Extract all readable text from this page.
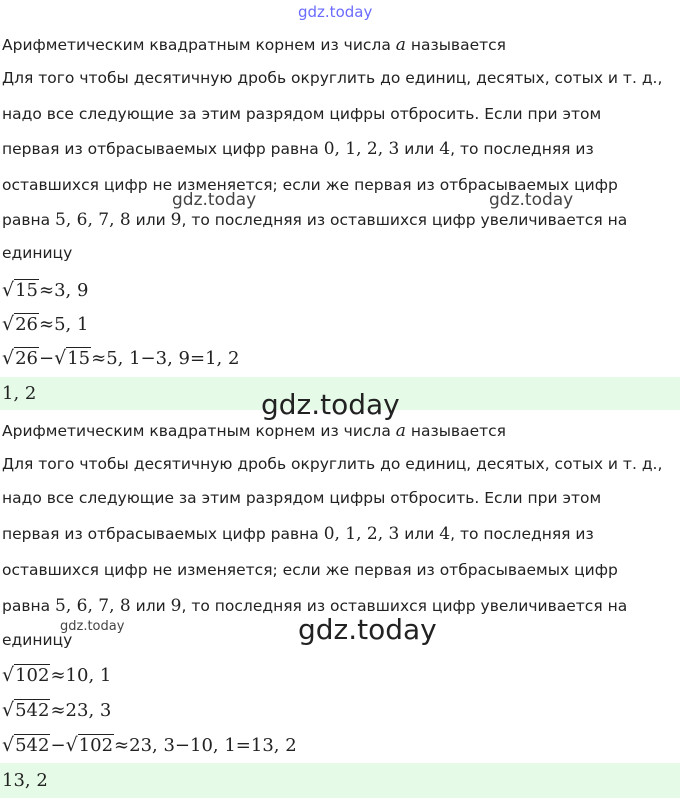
gdz.today
gdz.today	gdz.today
Арифметическим квадратным корнем из числа a называется
Для того чтобы десятичную дробь округлить до единиц, десятых, сотых и т. д.,
надо все следующие за этим разрядом цифры отбросить. Если при этом
первая из отбрасываемых цифр равна 0, 1, 2, 3 или 4, то последняя из
оставшихся цифр не изменяется; если же первая из отбрасываемых цифр
равна 5, 6, 7, 8 или 9, то последняя из оставшихся цифр увеличивается на
единицу
√15≈3, 9
√26≈5, 1
√26−√15≈5, 1−3, 9=1, 2
1, 2	gdz.today
Арифметическим квадратным корнем из числа a называется
Для того чтобы десятичную дробь округлить до единиц, десятых, сотых и т. д.,
надо все следующие за этим разрядом цифры отбросить. Если при этом
первая из отбрасываемых цифр равна 0, 1, 2, 3 или 4, то последняя из
оставшихся цифр не изменяется; если же первая из отбрасываемых цифр
равна 5, 6, 7, 8 или 9, то последняя из оставшихся цифр увеличивается на
единицу
√102≈10, 1
√542≈23, 3
√542−√102≈23, 3−10, 1=13, 2
13, 2
gdz.today	gdz.today
